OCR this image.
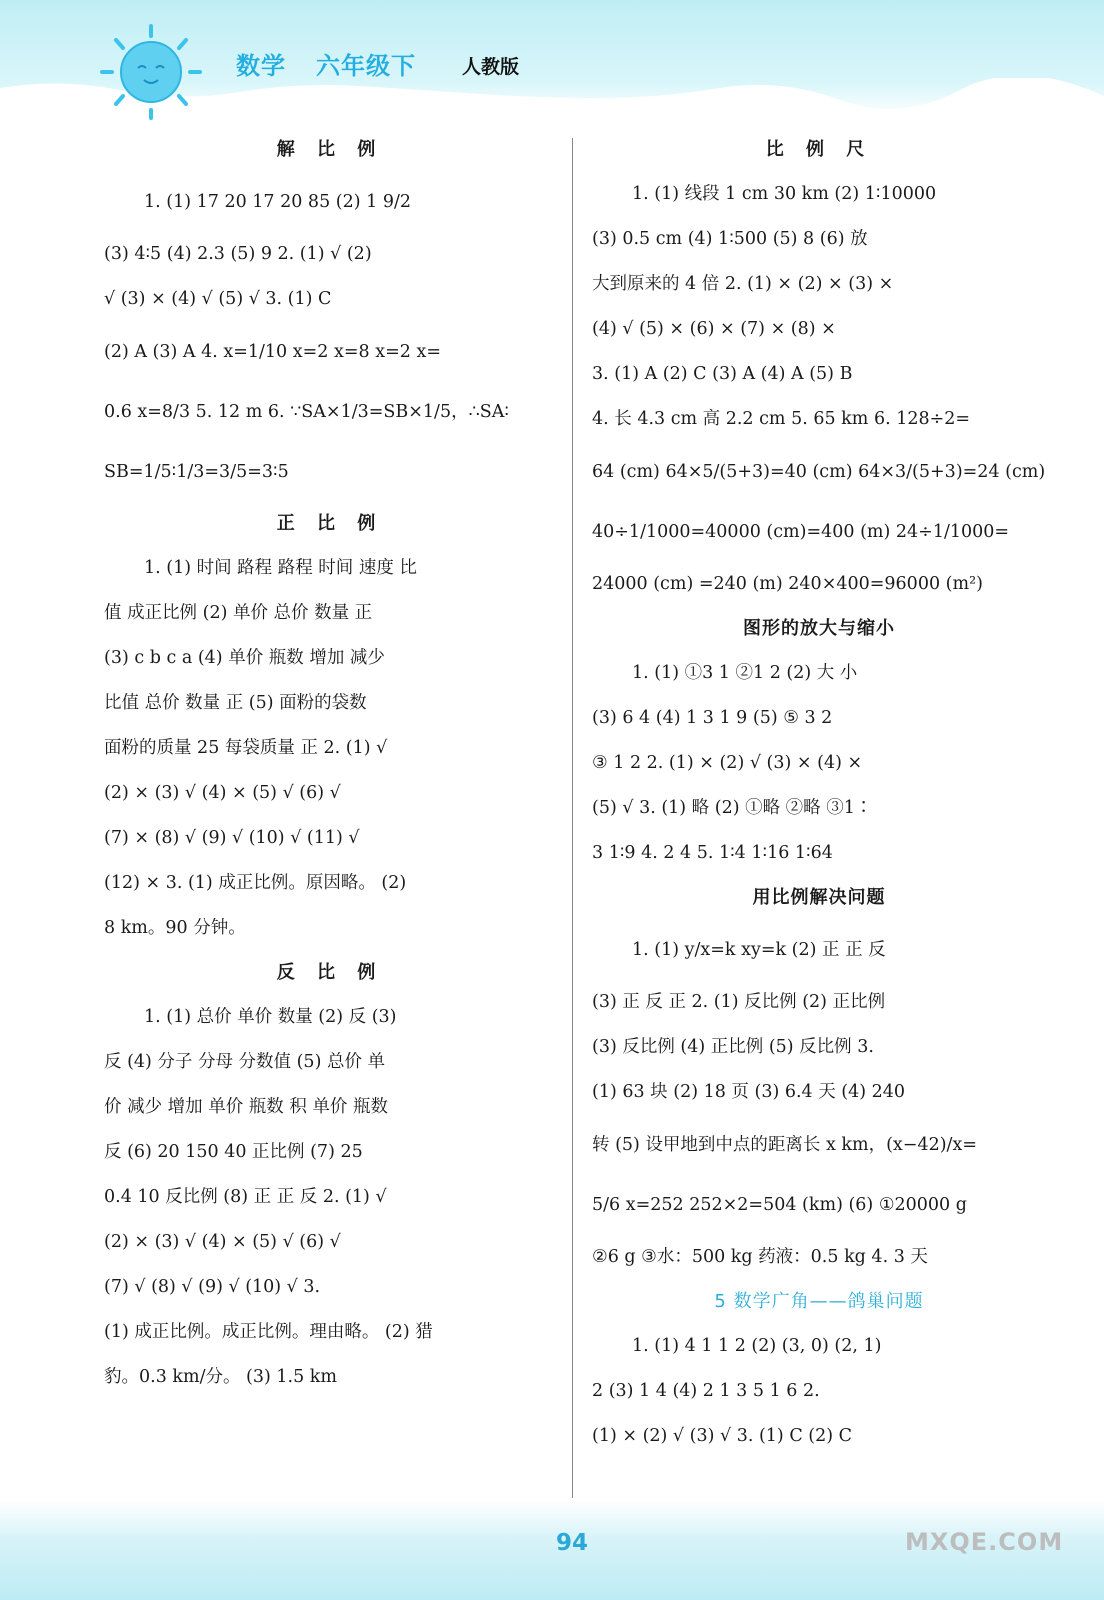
数学 六年级下 人教版
解 比 例
1. (1) 17 20 17 20 85 (2) 1 9/2
(3) 4∶5 (4) 2.3 (5) 9 2. (1) √ (2)
√ (3) × (4) √ (5) √ 3. (1) C
(2) A (3) A 4. x=1/10 x=2 x=8 x=2 x=
0.6 x=8/3 5. 12 m 6. ∵SA×1/3=SB×1/5，∴SA∶
SB=1/5∶1/3=3/5=3∶5
正 比 例
1. (1) 时间 路程 路程 时间 速度 比
值 成正比例 (2) 单价 总价 数量 正
(3) c b c a (4) 单价 瓶数 增加 减少
比值 总价 数量 正 (5) 面粉的袋数
面粉的质量 25 每袋质量 正 2. (1) √
(2) × (3) √ (4) × (5) √ (6) √
(7) × (8) √ (9) √ (10) √ (11) √
(12) × 3. (1) 成正比例。原因略。 (2)
8 km。90 分钟。
反 比 例
1. (1) 总价 单价 数量 (2) 反 (3)
反 (4) 分子 分母 分数值 (5) 总价 单
价 减少 增加 单价 瓶数 积 单价 瓶数
反 (6) 20 150 40 正比例 (7) 25
0.4 10 反比例 (8) 正 正 反 2. (1) √
(2) × (3) √ (4) × (5) √ (6) √
(7) √ (8) √ (9) √ (10) √ 3.
(1) 成正比例。成正比例。理由略。 (2) 猎
豹。0.3 km/分。 (3) 1.5 km
比 例 尺
1. (1) 线段 1 cm 30 km (2) 1∶10000
(3) 0.5 cm (4) 1∶500 (5) 8 (6) 放
大到原来的 4 倍 2. (1) × (2) × (3) ×
(4) √ (5) × (6) × (7) × (8) ×
3. (1) A (2) C (3) A (4) A (5) B
4. 长 4.3 cm 高 2.2 cm 5. 65 km 6. 128÷2=
64 (cm) 64×5/(5+3)=40 (cm) 64×3/(5+3)=24 (cm)
40÷1/1000=40000 (cm)=400 (m) 24÷1/1000=
24000 (cm) =240 (m) 240×400=96000 (m²)
图形的放大与缩小
1. (1) ①3 1 ②1 2 (2) 大 小
(3) 6 4 (4) 1 3 1 9 (5) ⑤ 3 2
③ 1 2 2. (1) × (2) √ (3) × (4) ×
(5) √ 3. (1) 略 (2) ①略 ②略 ③1∶
3 1∶9 4. 2 4 5. 1∶4 1∶16 1∶64
用比例解决问题
1. (1) y/x=k xy=k (2) 正 正 反
(3) 正 反 正 2. (1) 反比例 (2) 正比例
(3) 反比例 (4) 正比例 (5) 反比例 3.
(1) 63 块 (2) 18 页 (3) 6.4 天 (4) 240
转 (5) 设甲地到中点的距离长 x km，(x−42)/x=
5/6 x=252 252×2=504 (km) (6) ①20000 g
②6 g ③水：500 kg 药液：0.5 kg 4. 3 天
5 数学广角——鸽巢问题
1. (1) 4 1 1 2 (2) (3, 0) (2, 1)
2 (3) 1 4 (4) 2 1 3 5 1 6 2.
(1) × (2) √ (3) √ 3. (1) C (2) C
94	MXQE.COM
